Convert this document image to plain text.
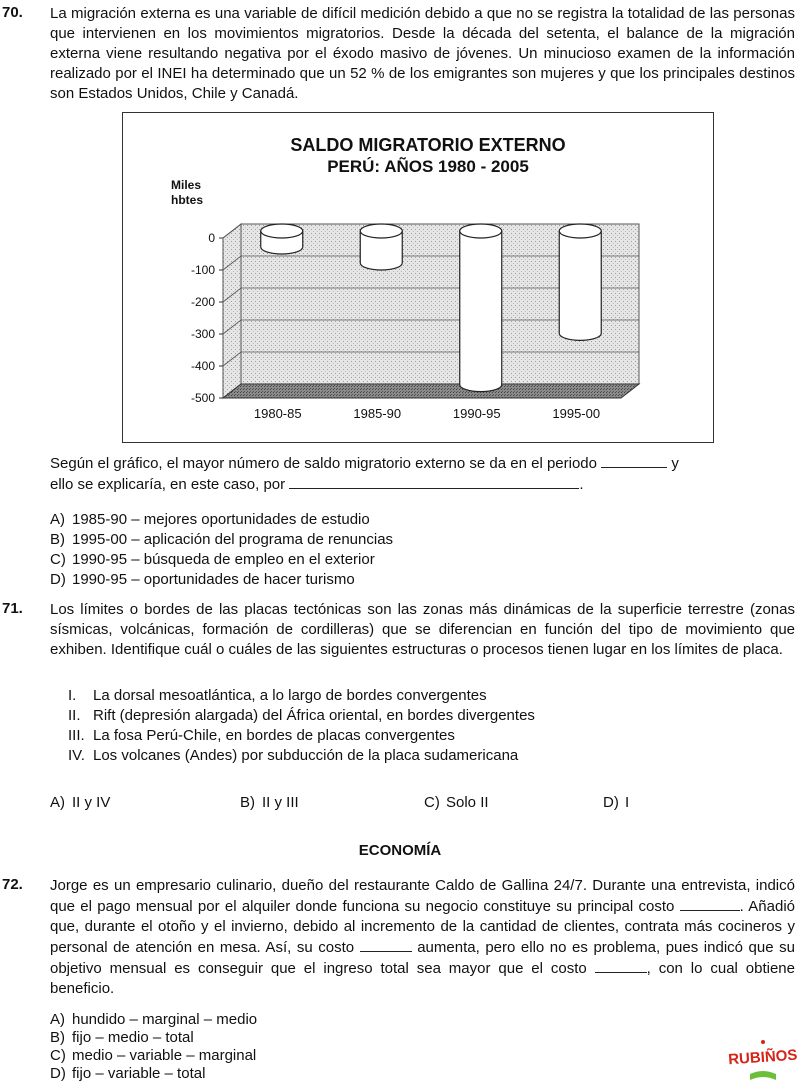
70. La migración externa es una variable de difícil medición debido a que no se registra la totalidad de las personas que intervienen en los movimientos migratorios. Desde la década del setenta, el balance de la migración externa viene resultando negativa por el éxodo masivo de jóvenes. Un minucioso examen de la información realizado por el INEI ha determinado que un 52 % de los emigrantes son mujeres y que los principales destinos son Estados Unidos, Chile y Canadá.
SALDO MIGRATORIO EXTERNO
PERÚ: AÑOS 1980 - 2005
Miles
hbtes
0
-100
-200
-300
-400
-500
1980-85	1985-90	1990-95	1995-00
Según el gráfico, el mayor número de saldo migratorio externo se da en el periodo	y
ello se explicaría, en este caso, por	.
A) 1985-90 – mejores oportunidades de estudio
B) 1995-00 – aplicación del programa de renuncias
C) 1990-95 – búsqueda de empleo en el exterior
D) 1990-95 – oportunidades de hacer turismo
71. Los límites o bordes de las placas tectónicas son las zonas más dinámicas de la superficie terrestre (zonas sísmicas, volcánicas, formación de cordilleras) que se diferencian en función del tipo de movimiento que exhiben. Identifique cuál o cuáles de las siguientes estructuras o procesos tienen lugar en los límites de placa.
I. La dorsal mesoatlántica, a lo largo de bordes convergentes
II. Rift (depresión alargada) del África oriental, en bordes divergentes
III. La fosa Perú-Chile, en bordes de placas convergentes
IV. Los volcanes (Andes) por subducción de la placa sudamericana
A) II y IV	B) II y III	C) Solo II	D) I
ECONOMÍA
72. Jorge es un empresario culinario, dueño del restaurante Caldo de Gallina 24/7. Durante una entrevista, indicó que el pago mensual por el alquiler donde funciona su negocio constituye su principal costo	. Añadió que, durante el otoño y el invierno, debido al incremento de la cantidad de clientes, contrata más cocineros y personal de atención en mesa. Así, su costo	aumenta, pero ello no es problema, pues indicó que su objetivo mensual es conseguir que el ingreso total sea mayor que el costo	, con lo cual obtiene beneficio.
A) hundido – marginal – medio
B) fijo – medio – total
C) medio – variable – marginal
D) fijo – variable – total
RUBIÑOS
